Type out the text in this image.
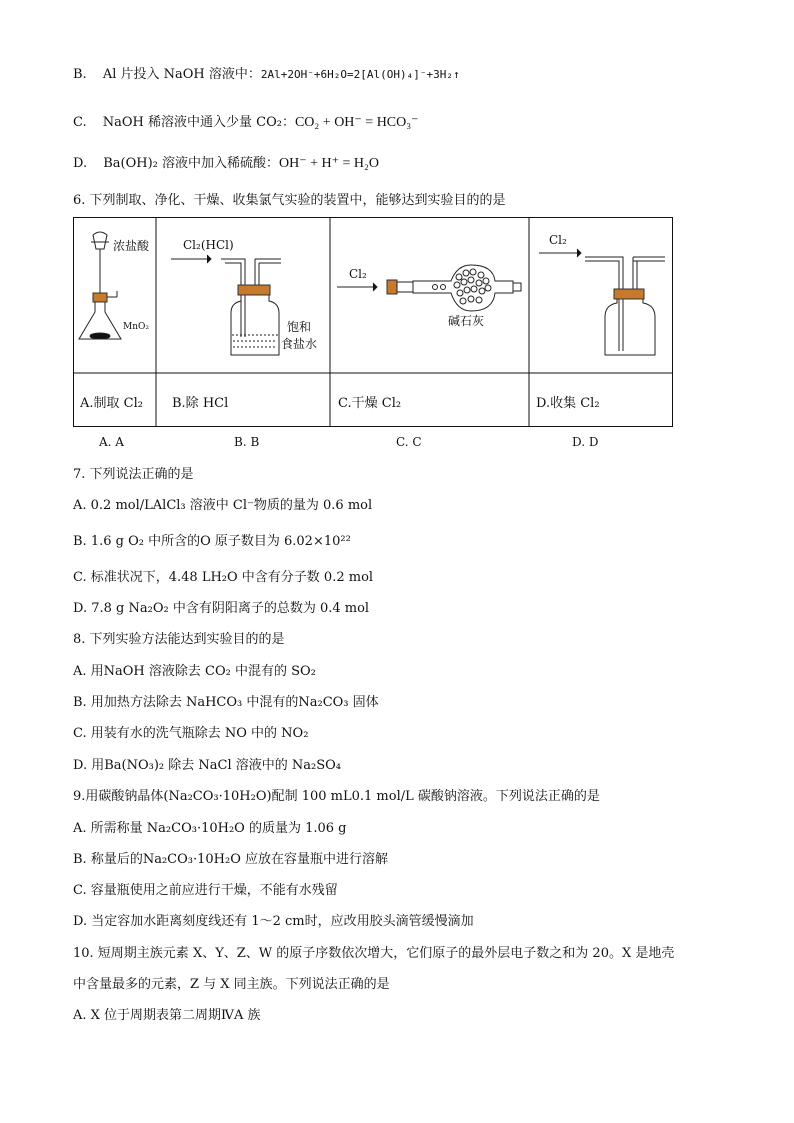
B. Al 片投入 NaOH 溶液中：2Al+2OH⁻+6H₂O=2[Al(OH)₄]⁻+3H₂↑
C. NaOH 稀溶液中通入少量 CO₂：CO₂ + OH⁻ = HCO₃⁻
D. Ba(OH)₂ 溶液中加入稀硫酸：OH⁻ + H⁺ = H₂O
6. 下列制取、净化、干燥、收集氯气实验的装置中，能够达到实验目的的是
浓盐酸
MnO₂
Cl₂(HCl)
饱和
食盐水
Cl₂
碱石灰
Cl₂
A.制取 Cl₂ B.除 HCl	C.干燥 Cl₂	D.收集 Cl₂
A. A	B. B	C. C	D. D
7. 下列说法正确的是
A. 0.2 mol/LAlCl₃ 溶液中 Cl⁻物质的量为 0.6 mol
B. 1.6 g O₂ 中所含的O 原子数目为 6.02×10²²
C. 标准状况下，4.48 LH₂O 中含有分子数 0.2 mol
D. 7.8 g Na₂O₂ 中含有阴阳离子的总数为 0.4 mol
8. 下列实验方法能达到实验目的的是
A. 用NaOH 溶液除去 CO₂ 中混有的 SO₂
B. 用加热方法除去 NaHCO₃ 中混有的Na₂CO₃ 固体
C. 用装有水的洗气瓶除去 NO 中的 NO₂
D. 用Ba(NO₃)₂ 除去 NaCl 溶液中的 Na₂SO₄
9.用碳酸钠晶体(Na₂CO₃·10H₂O)配制 100 mL0.1 mol/L 碳酸钠溶液。下列说法正确的是
A. 所需称量 Na₂CO₃·10H₂O 的质量为 1.06 g
B. 称量后的Na₂CO₃·10H₂O 应放在容量瓶中进行溶解
C. 容量瓶使用之前应进行干燥，不能有水残留
D. 当定容加水距离刻度线还有 1～2 cm时，应改用胶头滴管缓慢滴加
10. 短周期主族元素 X、Y、Z、W 的原子序数依次增大，它们原子的最外层电子数之和为 20。X 是地壳
中含量最多的元素，Z 与 X 同主族。下列说法正确的是
A. X 位于周期表第二周期ⅣA 族
